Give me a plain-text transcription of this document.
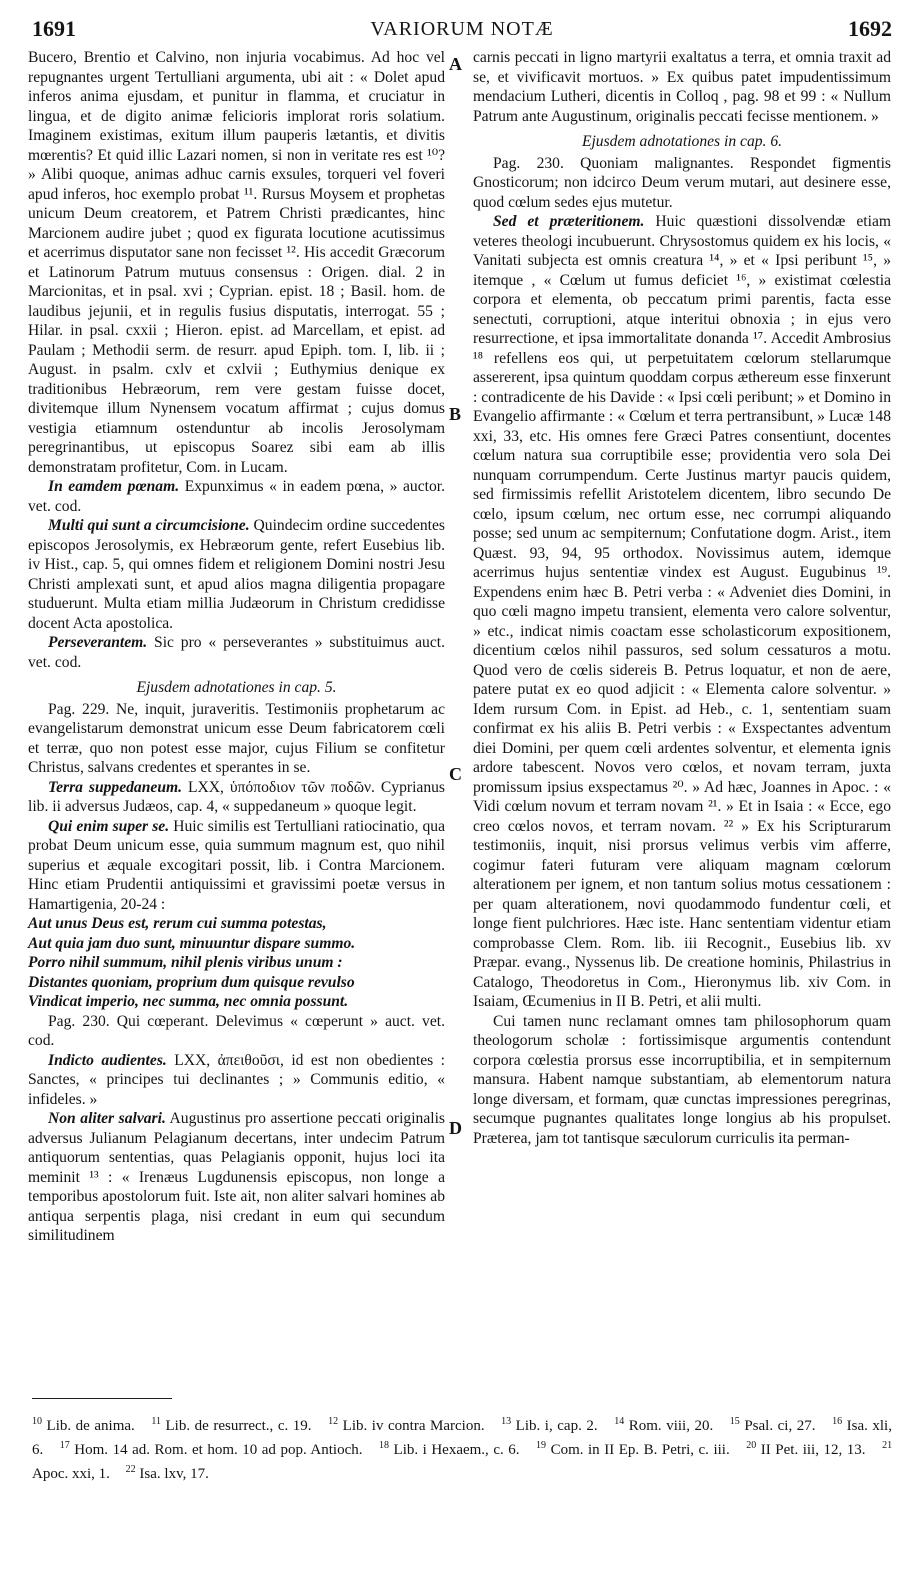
1691	VARIORUM NOTÆ	1692
A
B
C
D

Bucero, Brentio et Calvino, non injuria vocabimus. Ad hoc vel repugnantes urgent Tertulliani argumenta, ubi ait : « Dolet apud inferos anima ejusdam, et punitur in flamma, et cruciatur in lingua, et de digito animæ felicioris implorat roris solatium. Imaginem existimas, exitum illum pauperis lætantis, et divitis mœrentis? Et quid illic Lazari nomen, si non in veritate res est ¹⁰? » Alibi quoque, animas adhuc carnis exsules, torqueri vel foveri apud inferos, hoc exemplo probat ¹¹. Rursus Moysem et prophetas unicum Deum creatorem, et Patrem Christi prædicantes, hinc Marcionem audire jubet ; quod ex figurata locutione acutissimus et acerrimus disputator sane non fecisset ¹². His accedit Græcorum et Latinorum Patrum mutuus consensus : Origen. dial. 2 in Marcionitas, et in psal. xvi ; Cyprian. epist. 18 ; Basil. hom. de laudibus jejunii, et in regulis fusius disputatis, interrogat. 55 ; Hilar. in psal. cxxii ; Hieron. epist. ad Marcellam, et epist. ad Paulam ; Methodii serm. de resurr. apud Epiph. tom. I, lib. ii ; August. in psalm. cxlv et cxlvii ; Euthymius denique ex traditionibus Hebræorum, rem vere gestam fuisse docet, divitemque illum Nynensem vocatum affirmat ; cujus domus vestigia etiamnum ostenduntur ab incolis Jerosolymam peregrinantibus, ut episcopus Soarez sibi eam ab illis demonstratam profitetur, Com. in Lucam.

In eamdem pœnam. Expunximus « in eadem pœna, » auctor. vet. cod.

Multi qui sunt a circumcisione. Quindecim ordine succedentes episcopos Jerosolymis, ex Hebræorum gente, refert Eusebius lib. iv Hist., cap. 5, qui omnes fidem et religionem Domini nostri Jesu Christi amplexati sunt, et apud alios magna diligentia propagare studuerunt. Multa etiam millia Judæorum in Christum credidisse docent Acta apostolica.

Perseverantem. Sic pro « perseverantes » substituimus auct. vet. cod.

Ejusdem adnotationes in cap. 5.

Pag. 229. Ne, inquit, juraveritis. Testimoniis prophetarum ac evangelistarum demonstrat unicum esse Deum fabricatorem cœli et terræ, quo non potest esse major, cujus Filium se confitetur Christus, salvans credentes et sperantes in se.

Terra suppedaneum. LXX, ὑπόποδιον τῶν ποδῶν. Cyprianus lib. ii adversus Judæos, cap. 4, « suppedaneum » quoque legit.

Qui enim super se. Huic similis est Tertulliani ratiocinatio, qua probat Deum unicum esse, quia summum magnum est, quo nihil superius et æquale excogitari possit, lib. i Contra Marcionem. Hinc etiam Prudentii antiquissimi et gravissimi poetæ versus in Hamartigenia, 20-24 :

Aut unus Deus est, rerum cui summa potestas,

Aut quia jam duo sunt, minuuntur dispare summo.

Porro nihil summum, nihil plenis viribus unum :

Distantes quoniam, proprium dum quisque revulso

Vindicat imperio, nec summa, nec omnia possunt.

Pag. 230. Qui cœperant. Delevimus « cœperunt » auct. vet. cod.

Indicto audientes. LXX, ἀπειθοῦσι, id est non obedientes : Sanctes, « principes tui declinantes ; » Communis editio, « infideles. »

Non aliter salvari. Augustinus pro assertione peccati originalis adversus Julianum Pelagianum decertans, inter undecim Patrum antiquorum sententias, quas Pelagianis opponit, hujus loci ita meminit ¹³ : « Irenæus Lugdunensis episcopus, non longe a temporibus apostolorum fuit. Iste ait, non aliter salvari homines ab antiqua serpentis plaga, nisi credant in eum qui secundum similitudinem

carnis peccati in ligno martyrii exaltatus a terra, et omnia traxit ad se, et vivificavit mortuos. » Ex quibus patet impudentissimum mendacium Lutheri, dicentis in Colloq , pag. 98 et 99 : « Nullum Patrum ante Augustinum, originalis peccati fecisse mentionem. »

Ejusdem adnotationes in cap. 6.

Pag. 230. Quoniam malignantes. Respondet figmentis Gnosticorum; non idcirco Deum verum mutari, aut desinere esse, quod cœlum sedes ejus mutetur.

Sed et præteritionem. Huic quæstioni dissolvendæ etiam veteres theologi incubuerunt. Chrysostomus quidem ex his locis, « Vanitati subjecta est omnis creatura ¹⁴, » et « Ipsi peribunt ¹⁵, » itemque , « Cœlum ut fumus deficiet ¹⁶, » existimat cœlestia corpora et elementa, ob peccatum primi parentis, facta esse senectuti, corruptioni, atque interitui obnoxia ; in ejus vero resurrectione, et ipsa immortalitate donanda ¹⁷. Accedit Ambrosius ¹⁸ refellens eos qui, ut perpetuitatem cœlorum stellarumque assererent, ipsa quintum quoddam corpus æthereum esse finxerunt : contradicente de his Davide : « Ipsi cœli peribunt; » et Domino in Evangelio affirmante : « Cœlum et terra pertransibunt, » Lucæ 148 xxi, 33, etc. His omnes fere Græci Patres consentiunt, docentes cœlum natura sua corruptibile esse; providentia vero sola Dei nunquam corrumpendum. Certe Justinus martyr paucis quidem, sed firmissimis refellit Aristotelem dicentem, libro secundo De cœlo, ipsum cœlum, nec ortum esse, nec corrumpi aliquando posse; sed unum ac sempiternum; Confutatione dogm. Arist., item Quæst. 93, 94, 95 orthodox. Novissimus autem, idemque acerrimus hujus sententiæ vindex est August. Eugubinus ¹⁹. Expendens enim hæc B. Petri verba : « Adveniet dies Domini, in quo cœli magno impetu transient, elementa vero calore solventur, » etc., indicat nimis coactam esse scholasticorum expositionem, dicentium cœlos nihil passuros, sed solum cessaturos a motu. Quod vero de cœlis sidereis B. Petrus loquatur, et non de aere, patere putat ex eo quod adjicit : « Elementa calore solventur. » Idem rursum Com. in Epist. ad Heb., c. 1, sententiam suam confirmat ex his aliis B. Petri verbis : « Exspectantes adventum diei Domini, per quem cœli ardentes solventur, et elementa ignis ardore tabescent. Novos vero cœlos, et novam terram, juxta promissum ipsius exspectamus ²⁰. » Ad hæc, Joannes in Apoc. : « Vidi cœlum novum et terram novam ²¹. » Et in Isaia : « Ecce, ego creo cœlos novos, et terram novam. ²² » Ex his Scripturarum testimoniis, inquit, nisi prorsus velimus verbis vim afferre, cogimur fateri futuram vere aliquam magnam cœlorum alterationem per ignem, et non tantum solius motus cessationem : per quam alterationem, novi quodammodo fundentur cœli, et longe fient pulchriores. Hæc iste. Hanc sententiam videntur etiam comprobasse Clem. Rom. lib. iii Recognit., Eusebius lib. xv Præpar. evang., Nyssenus lib. De creatione hominis, Philastrius in Catalogo, Theodoretus in Com., Hieronymus lib. xiv Com. in Isaiam, Œcumenius in II B. Petri, et alii multi.

Cui tamen nunc reclamant omnes tam philosophorum quam theologorum scholæ : fortissimisque argumentis contendunt corpora cœlestia prorsus esse incorruptibilia, et in sempiternum mansura. Habent namque substantiam, ab elementorum natura longe diversam, et formam, quæ cunctas impressiones peregrinas, secumque pugnantes qualitates longe longius ab his propulset. Præterea, jam tot tantisque sæculorum curriculis ita perman-

$^{10}$ Lib. de anima. $^{11}$ Lib. de resurrect., c. 19. $^{12}$ Lib. iv contra Marcion. $^{13}$ Lib. i, cap. 2. $^{14}$ Rom. viii, 20. $^{15}$ Psal. ci, 27. $^{16}$ Isa. xli, 6. $^{17}$ Hom. 14 ad. Rom. et hom. 10 ad pop. Antioch. $^{18}$ Lib. i Hexaem., c. 6. $^{19}$ Com. in II Ep. B. Petri, c. iii. $^{20}$ II Pet. iii, 12, 13. $^{21}$ Apoc. xxi, 1. $^{22}$ Isa. lxv, 17.
